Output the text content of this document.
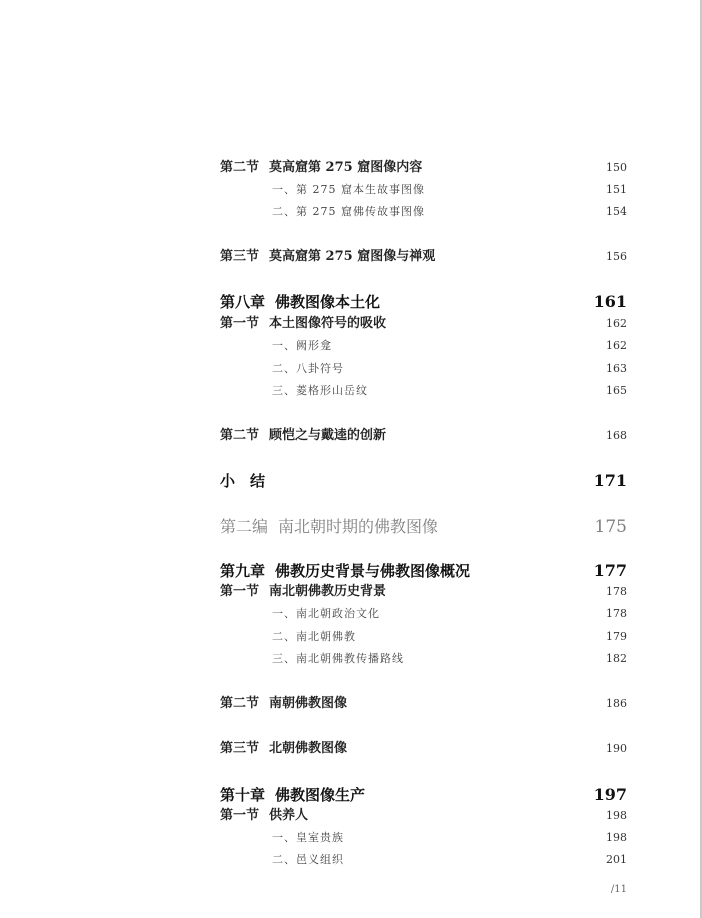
第二节 莫高窟第 275 窟图像内容	150
一、第 275 窟本生故事图像	151
二、第 275 窟佛传故事图像	154
第三节 莫高窟第 275 窟图像与禅观	156
第八章 佛教图像本土化	161
第一节 本土图像符号的吸收	162
一、阙形龛	162
二、八卦符号	163
三、菱格形山岳纹	165
第二节 顾恺之与戴逵的创新	168
小　结	171
第二编 南北朝时期的佛教图像	175
第九章 佛教历史背景与佛教图像概况	177
第一节 南北朝佛教历史背景	178
一、南北朝政治文化	178
二、南北朝佛教	179
三、南北朝佛教传播路线	182
第二节 南朝佛教图像	186
第三节 北朝佛教图像	190
第十章 佛教图像生产	197
第一节 供养人	198
一、皇室贵族	198
二、邑义组织	201
/11
